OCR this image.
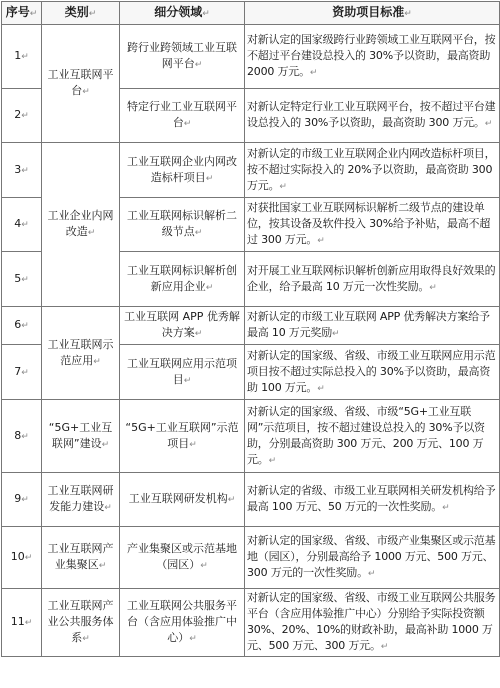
序号↵	类别↵	细分领域↵	资助项目标准↵
1↵	工业互联网平台↵	跨行业跨领域工业互联网平台↵	对新认定的国家级跨行业跨领域工业互联网平台，按不超过平台建设总投入的 30%予以资助，最高资助 2000 万元。↵
2↵		特定行业工业互联网平台↵	对新认定特定行业工业互联网平台，按不超过平台建设总投入的 30%予以资助，最高资助 300 万元。↵
3↵	工业企业内网改造↵	工业互联网企业内网改造标杆项目↵	对新认定的市级工业互联网企业内网改造标杆项目，按不超过实际投入的 20%予以资助，最高资助 300 万元。↵
4↵		工业互联网标识解析二级节点↵	对获批国家工业互联网标识解析二级节点的建设单位，按其设备及软件投入 30%给予补贴，最高不超过 300 万元。↵
5↵		工业互联网标识解析创新应用企业↵	对开展工业互联网标识解析创新应用取得良好效果的企业，给予最高 10 万元一次性奖励。↵
6↵	工业互联网示范应用↵	工业互联网 APP 优秀解决方案↵	对新认定的市级工业互联网 APP 优秀解决方案给予最高 10 万元奖励↵
7↵		工业互联网应用示范项目↵	对新认定的国家级、省级、市级工业互联网应用示范项目按不超过实际总投入的 30%予以资助，最高资助 100 万元。↵
8↵	“5G+工业互联网”建设↵	“5G+工业互联网”示范项目↵	对新认定的国家级、省级、市级“5G+工业互联网”示范项目，按不超过建设总投入的 30%予以资助，分别最高资助 300 万元、200 万元、100 万元。↵
9↵	工业互联网研发能力建设↵	工业互联网研发机构↵	对新认定的省级、市级工业互联网相关研发机构给予最高 100 万元、50 万元的一次性奖励。↵
10↵	工业互联网产业集聚区↵	产业集聚区或示范基地（园区）↵	对新认定的国家级、省级、市级产业集聚区或示范基地（园区），分别最高给予 1000 万元、500 万元、300 万元的一次性奖励。↵
11↵	工业互联网产业公共服务体系↵	工业互联网公共服务平台（含应用体验推广中心）↵	对新认定的国家级、省级、市级工业互联网公共服务平台（含应用体验推广中心）分别给予实际投资额 30%、20%、10%的财政补助，最高补助 1000 万元、500 万元、300 万元。↵
